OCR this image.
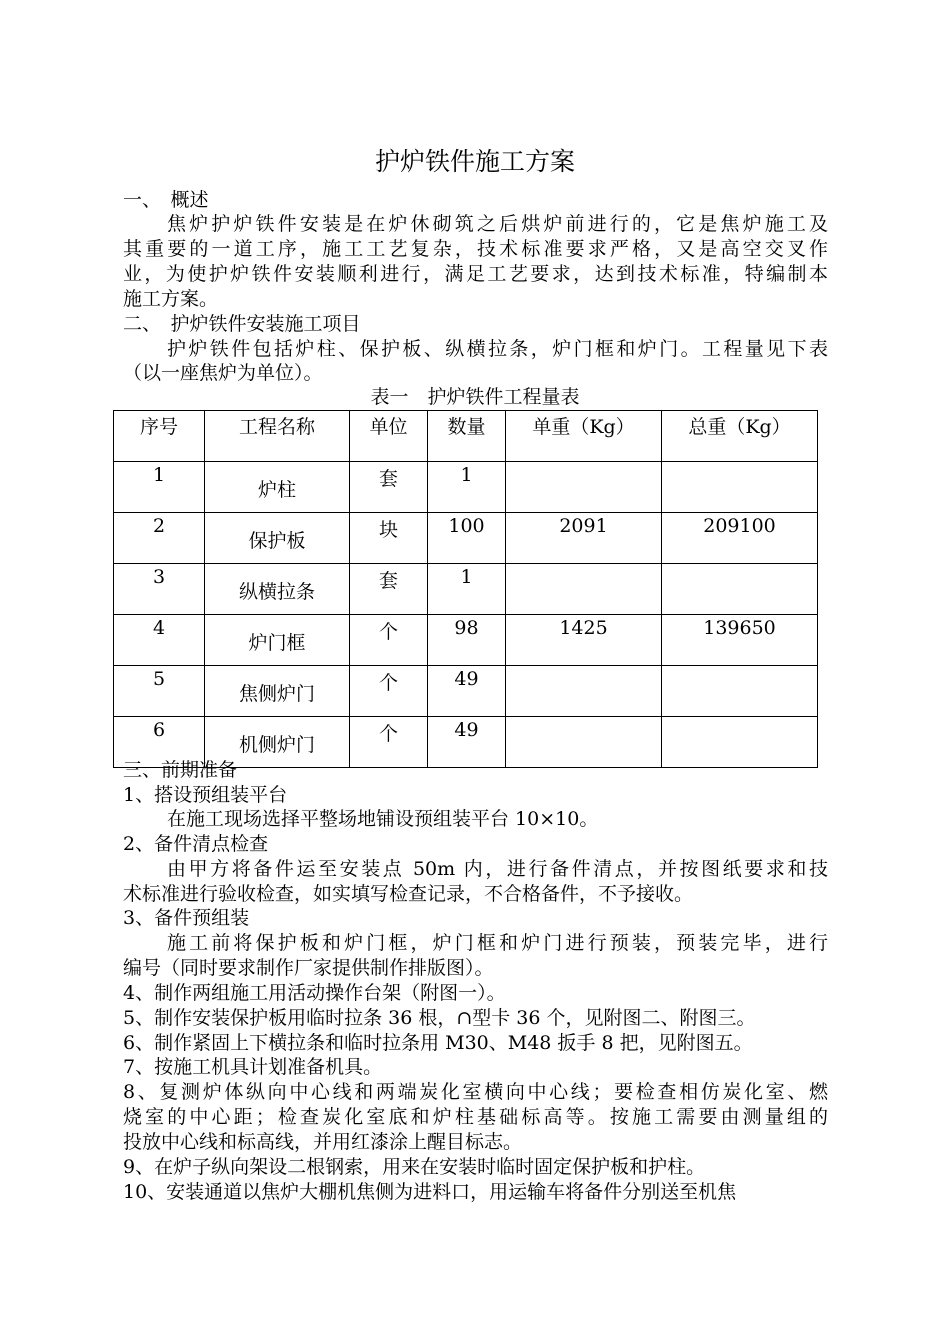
护炉铁件施工方案
一、　概述
焦炉护炉铁件安装是在炉休砌筑之后烘炉前进行的，它是焦炉施工及
其重要的一道工序，施工工艺复杂，技术标准要求严格，又是高空交叉作
业，为使护炉铁件安装顺利进行，满足工艺要求，达到技术标准，特编制本
施工方案。
二、　护炉铁件安装施工项目
护炉铁件包括炉柱、保护板、纵横拉条，炉门框和炉门。工程量见下表
（以一座焦炉为单位）。
表一　护炉铁件工程量表
序号	工程名称	单位	数量	单重（Kg）	总重（Kg）
1	炉柱	套	1		
2	保护板	块	100	2091	209100
3	纵横拉条	套	1		
4	炉门框	个	98	1425	139650
5	焦侧炉门	个	49		
6	机侧炉门	个	49		
三、前期准备
1、搭设预组装平台
在施工现场选择平整场地铺设预组装平台 10×10。
2、备件清点检查
由甲方将备件运至安装点 50m 内，进行备件清点，并按图纸要求和技
术标准进行验收检查，如实填写检查记录，不合格备件，不予接收。
3、备件预组装
施工前将保护板和炉门框，炉门框和炉门进行预装，预装完毕，进行
编号（同时要求制作厂家提供制作排版图）。
4、制作两组施工用活动操作台架（附图一）。
5、制作安装保护板用临时拉条 36 根，∩型卡 36 个，见附图二、附图三。
6、制作紧固上下横拉条和临时拉条用 M30、M48 扳手 8 把，见附图五。
7、按施工机具计划准备机具。
8、复测炉体纵向中心线和两端炭化室横向中心线；要检查相仿炭化室、燃
烧室的中心距；检查炭化室底和炉柱基础标高等。按施工需要由测量组的
投放中心线和标高线，并用红漆涂上醒目标志。
9、在炉子纵向架设二根钢索，用来在安装时临时固定保护板和护柱。
10、安装通道以焦炉大棚机焦侧为进料口，用运输车将备件分别送至机焦
